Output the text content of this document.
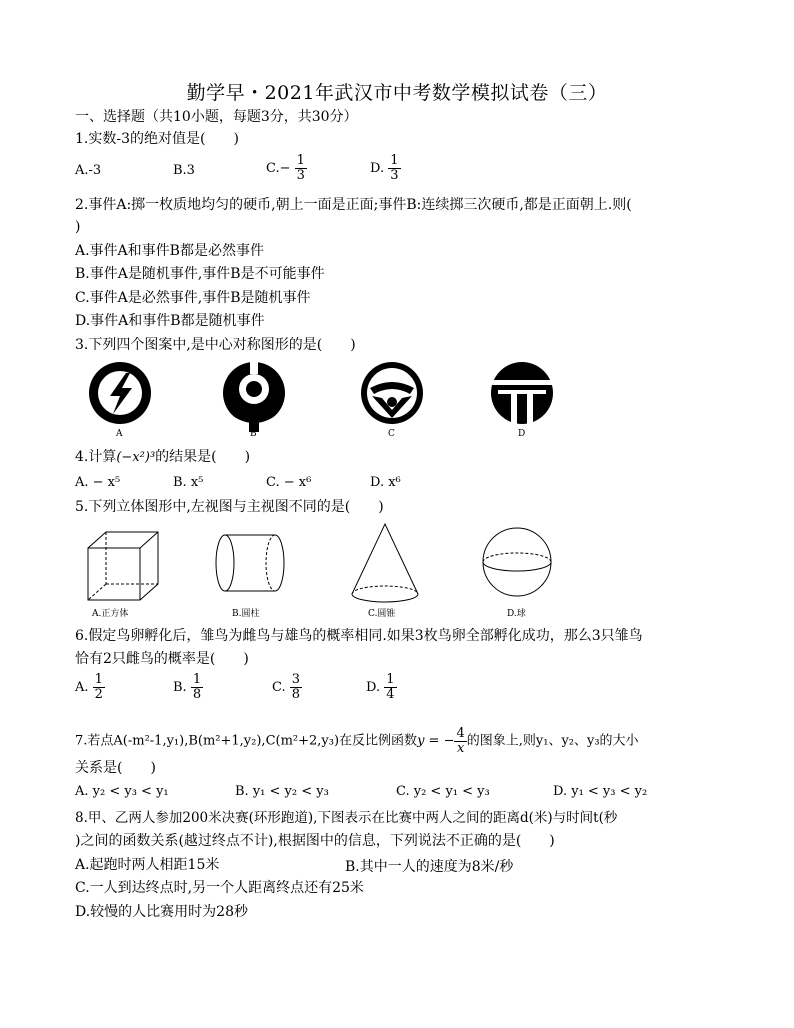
勤学早・2021年武汉市中考数学模拟试卷（三）
一、选择题（共10小题，每题3分，共30分）
1.实数-3的绝对值是(　　)
A.-3	B.3	$C.- \frac{1}{3}$	D. $\frac{1}{3}$
2.事件A:掷一枚质地均匀的硬币,朝上一面是正面;事件B:连续掷三次硬币,都是正面朝上.则(
)
A.事件A和事件B都是必然事件
B.事件A是随机事件,事件B是不可能事件
C.事件A是必然事件,事件B是随机事件
D.事件A和事件B都是随机事件
3.下列四个图案中,是中心对称图形的是(　　)
A	B	C	D
4.计算(−x²)³的结果是(　　)
A. − x⁵	B. x⁵	C. − x⁶	D. x⁶
5.下列立体图形中,左视图与主视图不同的是(　　)
A.正方体	B.圆柱	C.圆锥	D.球
6.假定鸟卵孵化后，雏鸟为雌鸟与雄鸟的概率相同.如果3枚鸟卵全部孵化成功，那么3只雏鸟
恰有2只雌鸟的概率是(　　)
A. $\frac{1}{2}$	B. $\frac{1}{8}$	C. $\frac{3}{8}$	D. $\frac{1}{4}$
7.若点A(-m²-1,y₁),B(m²+1,y₂),C(m²+2,y₃)在反比例函数y = − $\frac{4}{x}$ 的图象上,则y₁、y₂、y₃的大小
关系是(　　)
A. y₂ < y₃ < y₁	B. y₁ < y₂ < y₃	C. y₂ < y₁ < y₃	D. y₁ < y₃ < y₂
8.甲、乙两人参加200米决赛(环形跑道),下图表示在比赛中两人之间的距离d(米)与时间t(秒
)之间的函数关系(越过终点不计),根据图中的信息，下列说法不正确的是(　　)
A.起跑时两人相距15米	B.其中一人的速度为8米/秒
C.一人到达终点时,另一个人距离终点还有25米
D.较慢的人比赛用时为28秒
